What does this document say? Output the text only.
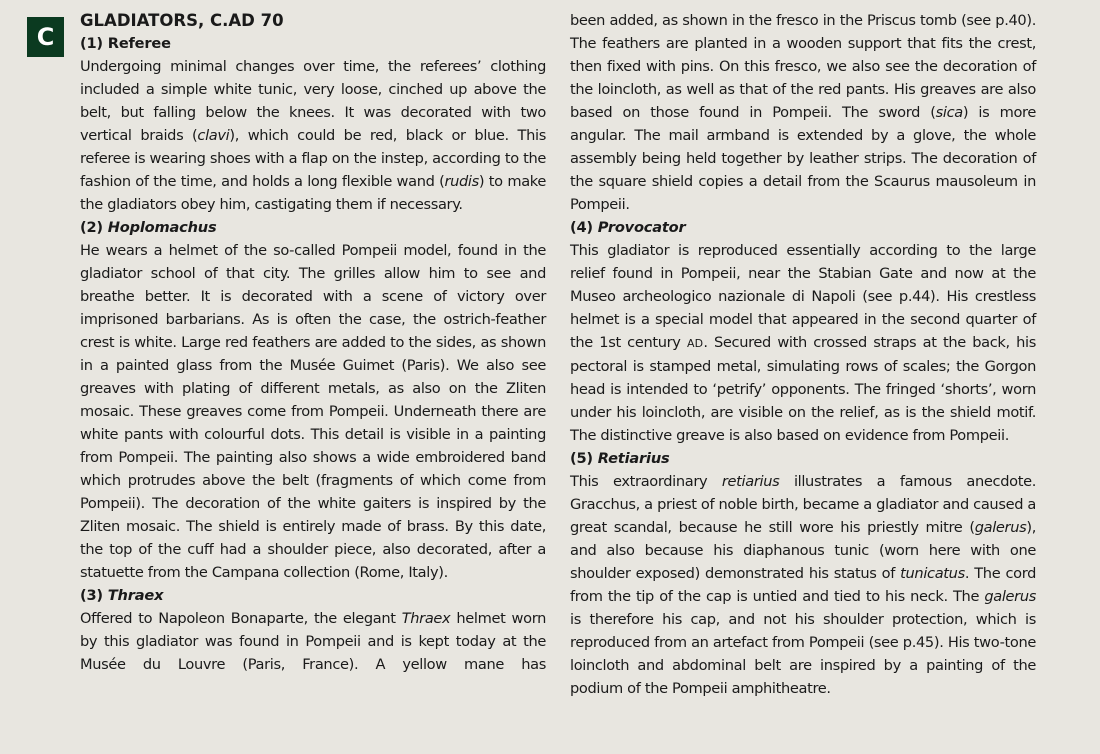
C
GLADIATORS, C.AD 70
(1) Referee

Undergoing minimal changes over time, the referees’ clothing included a simple white tunic, very loose, cinched up above the belt, but falling below the knees. It was decorated with two vertical braids (clavi), which could be red, black or blue. This referee is wearing shoes with a flap on the instep, according to the fashion of the time, and holds a long flexible wand (rudis) to make the gladiators obey him, castigating them if necessary.

(2) Hoplomachus

He wears a helmet of the so-called Pompeii model, found in the gladiator school of that city. The grilles allow him to see and breathe better. It is decorated with a scene of victory over imprisoned barbarians. As is often the case, the ostrich-feather crest is white. Large red feathers are added to the sides, as shown in a painted glass from the Musée Guimet (Paris). We also see greaves with plating of different metals, as also on the Zliten mosaic. These greaves come from Pompeii. Underneath there are white pants with colourful dots. This detail is visible in a painting from Pompeii. The painting also shows a wide embroidered band which protrudes above the belt (fragments of which come from Pompeii). The decoration of the white gaiters is inspired by the Zliten mosaic. The shield is entirely made of brass. By this date, the top of the cuff had a shoulder piece, also decorated, after a statuette from the Campana collection (Rome, Italy).

(3) Thraex

Offered to Napoleon Bonaparte, the elegant Thraex helmet worn by this gladiator was found in Pompeii and is kept today at the Musée du Louvre (Paris, France). A yellow mane has

been added, as shown in the fresco in the Priscus tomb (see p.40). The feathers are planted in a wooden support that fits the crest, then fixed with pins. On this fresco, we also see the decoration of the loincloth, as well as that of the red pants. His greaves are also based on those found in Pompeii. The sword (sica) is more angular. The mail armband is extended by a glove, the whole assembly being held together by leather strips. The decoration of the square shield copies a detail from the Scaurus mausoleum in Pompeii.

(4) Provocator

This gladiator is reproduced essentially according to the large relief found in Pompeii, near the Stabian Gate and now at the Museo archeologico nazionale di Napoli (see p.44). His crestless helmet is a special model that appeared in the second quarter of the 1st century AD. Secured with crossed straps at the back, his pectoral is stamped metal, simulating rows of scales; the Gorgon head is intended to ‘petrify’ opponents. The fringed ‘shorts’, worn under his loincloth, are visible on the relief, as is the shield motif. The distinctive greave is also based on evidence from Pompeii.

(5) Retiarius

This extraordinary retiarius illustrates a famous anecdote. Gracchus, a priest of noble birth, became a gladiator and caused a great scandal, because he still wore his priestly mitre (galerus), and also because his diaphanous tunic (worn here with one shoulder exposed) demonstrated his status of tunicatus. The cord from the tip of the cap is untied and tied to his neck. The galerus is therefore his cap, and not his shoulder protection, which is reproduced from an artefact from Pompeii (see p.45). His two-tone loincloth and abdominal belt are inspired by a painting of the podium of the Pompeii amphitheatre.
